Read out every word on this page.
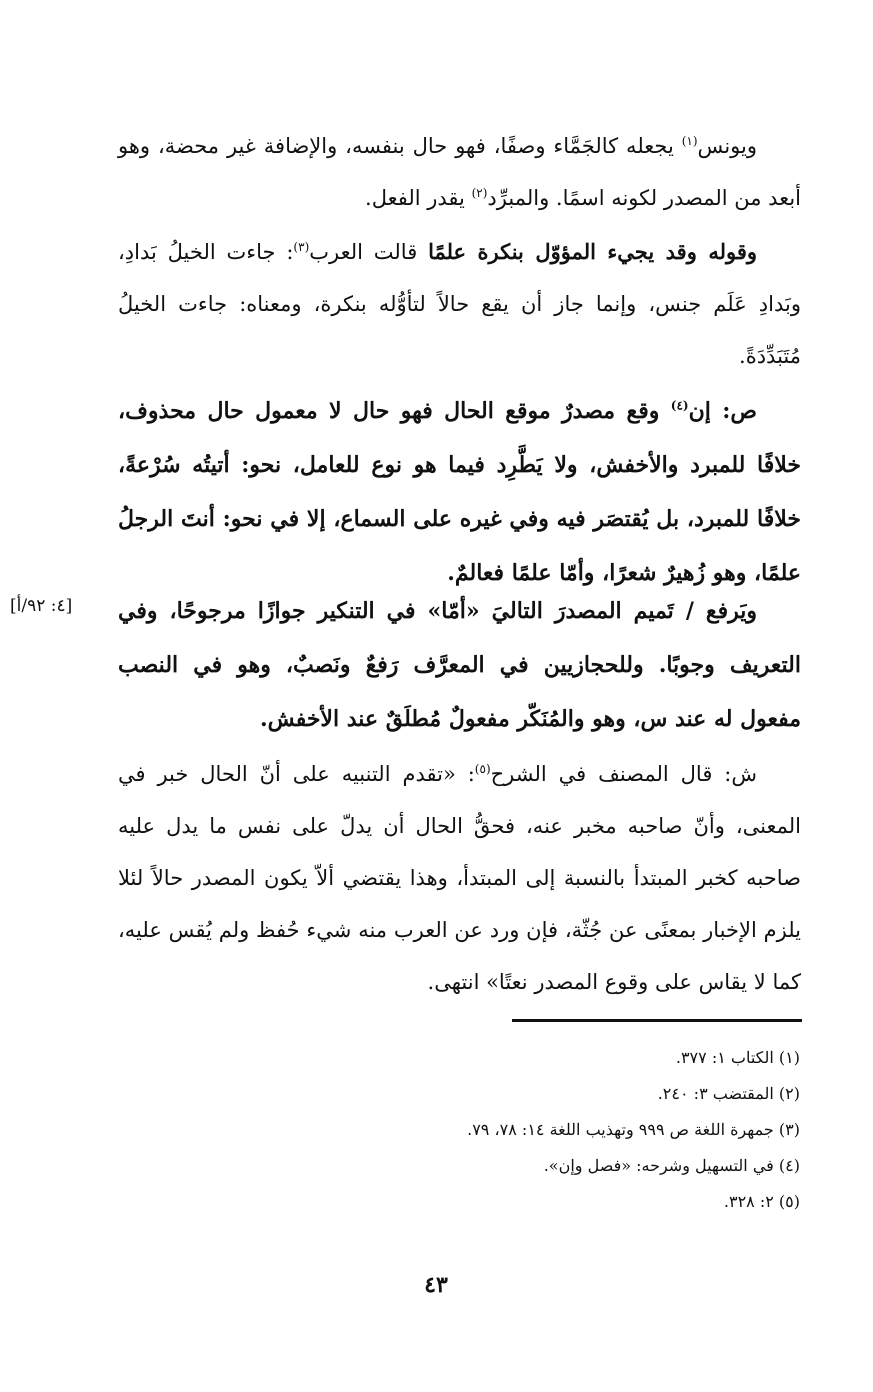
ويونس$^{(١)}$ يجعله كالجَمَّاء وصفًا، فهو حال بنفسه، والإضافة غير محضة، وهو أبعد من المصدر لكونه اسمًا. والمبرِّد$^{(٢)}$ يقدر الفعل.

وقوله وقد يجيء المؤوّل بنكرة علمًا قالت العرب$^{(٣)}$: جاءت الخيلُ بَدادِ، وبَدادِ عَلَم جنس، وإنما جاز أن يقع حالاً لتأوُّله بنكرة، ومعناه: جاءت الخيلُ مُتَبَدِّدَةً.

ص: إن$^{(٤)}$ وقع مصدرٌ موقع الحال فهو حال لا معمول حال محذوف، خلافًا للمبرد والأخفش، ولا يَطَّرِد فيما هو نوع للعامل، نحو: أتيتُه سُرْعةً، خلافًا للمبرد، بل يُقتصَر فيه وفي غيره على السماع، إلا في نحو: أنتَ الرجلُ علمًا، وهو زُهيرٌ شعرًا، وأمّا علمًا فعالمٌ.

[٤: ٩٢/أ] ويَرفع / تَميم المصدرَ التاليَ «أمّا» في التنكير جوازًا مرجوحًا، وفي التعريف وجوبًا. وللحجازيين في المعرَّف رَفعٌ ونَصبٌ، وهو في النصب مفعول له عند س، وهو والمُنَكّر مفعولٌ مُطلَقٌ عند الأخفش.

ش: قال المصنف في الشرح$^{(٥)}$: «تقدم التنبيه على أنّ الحال خبر في المعنى، وأنّ صاحبه مخبر عنه، فحقُّ الحال أن يدلّ على نفس ما يدل عليه صاحبه كخبر المبتدأ بالنسبة إلى المبتدأ، وهذا يقتضي ألاّ يكون المصدر حالاً لئلا يلزم الإخبار بمعنًى عن جُثّة، فإن ورد عن العرب منه شيء حُفظ ولم يُقس عليه، كما لا يقاس على وقوع المصدر نعتًا» انتهى.

(١) الكتاب ١: ٣٧٧.

(٢) المقتضب ٣: ٢٤٠.

(٣) جمهرة اللغة ص ٩٩٩ وتهذيب اللغة ١٤: ٧٨، ٧٩.

(٤) في التسهيل وشرحه: «فصل وإن».

(٥) ٢: ٣٢٨.

٤٣
